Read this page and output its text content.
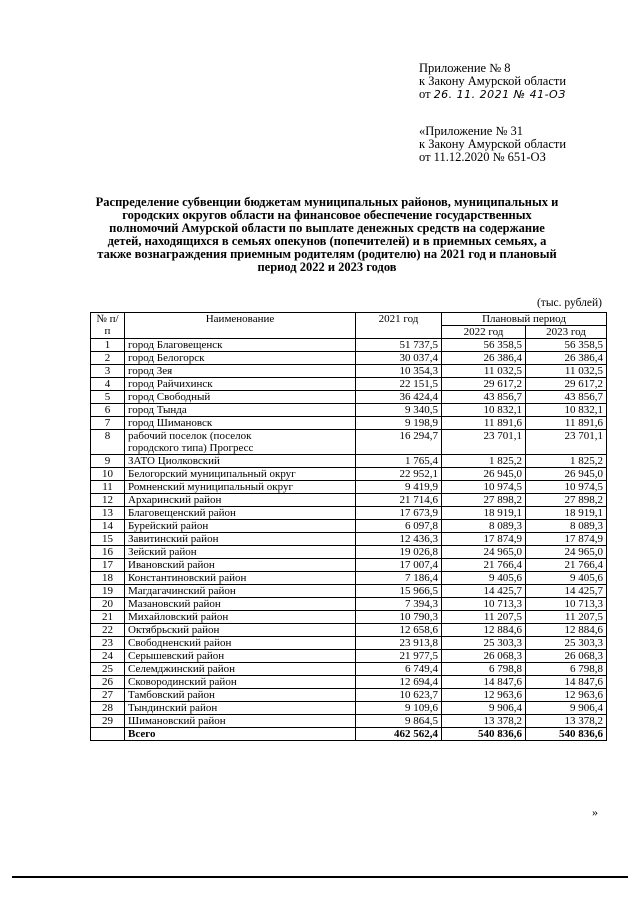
Приложение № 8
к Закону Амурской области
от 26. 11. 2021 № 41-ОЗ
«Приложение № 31
к Закону Амурской области
от 11.12.2020 № 651-ОЗ
Распределение субвенции бюджетам муниципальных районов, муниципальных и городских округов области на финансовое обеспечение государственных полномочий Амурской области по выплате денежных средств на содержание детей, находящихся в семьях опекунов (попечителей) и в приемных семьях, а также вознаграждения приемным родителям (родителю) на 2021 год и плановый период 2022 и 2023 годов
(тыс. рублей)
№ п/п	Наименование	2021 год	Плановый период	
			2022 год	2023 год
1	город Благовещенск	51 737,5	56 358,5	56 358,5
2	город Белогорск	30 037,4	26 386,4	26 386,4
3	город Зея	10 354,3	11 032,5	11 032,5
4	город Райчихинск	22 151,5	29 617,2	29 617,2
5	город Свободный	36 424,4	43 856,7	43 856,7
6	город Тында	9 340,5	10 832,1	10 832,1
7	город Шимановск	9 198,9	11 891,6	11 891,6
8	рабочий поселок (поселок
городского типа) Прогресс	16 294,7	23 701,1	23 701,1
9	ЗАТО Циолковский	1 765,4	1 825,2	1 825,2
10	Белогорский муниципальный округ	22 952,1	26 945,0	26 945,0
11	Ромненский муниципальный округ	9 419,9	10 974,5	10 974,5
12	Архаринский район	21 714,6	27 898,2	27 898,2
13	Благовещенский район	17 673,9	18 919,1	18 919,1
14	Бурейский район	6 097,8	8 089,3	8 089,3
15	Завитинский район	12 436,3	17 874,9	17 874,9
16	Зейский район	19 026,8	24 965,0	24 965,0
17	Ивановский район	17 007,4	21 766,4	21 766,4
18	Константиновский район	7 186,4	9 405,6	9 405,6
19	Магдагачинский район	15 966,5	14 425,7	14 425,7
20	Мазановский район	7 394,3	10 713,3	10 713,3
21	Михайловский район	10 790,3	11 207,5	11 207,5
22	Октябрьский район	12 658,6	12 884,6	12 884,6
23	Свободненский район	23 913,8	25 303,3	25 303,3
24	Серышевский район	21 977,5	26 068,3	26 068,3
25	Селемджинский район	6 749,4	6 798,8	6 798,8
26	Сковородинский район	12 694,4	14 847,6	14 847,6
27	Тамбовский район	10 623,7	12 963,6	12 963,6
28	Тындинский район	9 109,6	9 906,4	9 906,4
29	Шимановский район	9 864,5	13 378,2	13 378,2
	Всего	462 562,4	540 836,6	540 836,6
»
